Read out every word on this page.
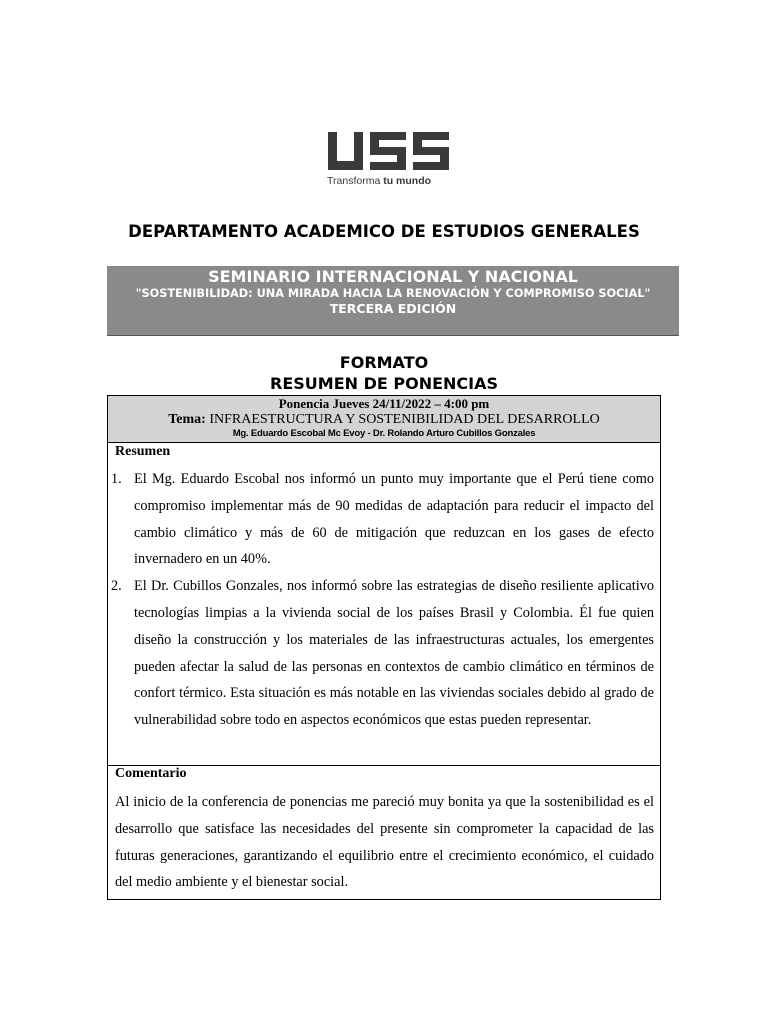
Transforma tu mundo
DEPARTAMENTO ACADEMICO DE ESTUDIOS GENERALES
SEMINARIO INTERNACIONAL Y NACIONAL
"SOSTENIBILIDAD: UNA MIRADA HACIA LA RENOVACIÓN Y COMPROMISO SOCIAL"
TERCERA EDICIÓN
FORMATO
RESUMEN DE PONENCIAS
Ponencia Jueves 24/11/2022 – 4:00 pm
Tema: INFRAESTRUCTURA Y SOSTENIBILIDAD DEL DESARROLLO
Mg. Eduardo Escobal Mc Evoy - Dr. Rolando Arturo Cubillos Gonzales
Resumen
1. El Mg. Eduardo Escobal nos informó un punto muy importante que el Perú tiene como compromiso implementar más de 90 medidas de adaptación para reducir el impacto del cambio climático y más de 60 de mitigación que reduzcan en los gases de efecto invernadero en un 40%.
2. El Dr. Cubillos Gonzales, nos informó sobre las estrategias de diseño resiliente aplicativo tecnologías limpias a la vivienda social de los países Brasil y Colombia. Él fue quien diseño la construcción y los materiales de las infraestructuras actuales, los emergentes pueden afectar la salud de las personas en contextos de cambio climático en términos de confort térmico. Esta situación es más notable en las viviendas sociales debido al grado de vulnerabilidad sobre todo en aspectos económicos que estas pueden representar.
Comentario
Al inicio de la conferencia de ponencias me pareció muy bonita ya que la sostenibilidad es el desarrollo que satisface las necesidades del presente sin comprometer la capacidad de las futuras generaciones, garantizando el equilibrio entre el crecimiento económico, el cuidado del medio ambiente y el bienestar social.
